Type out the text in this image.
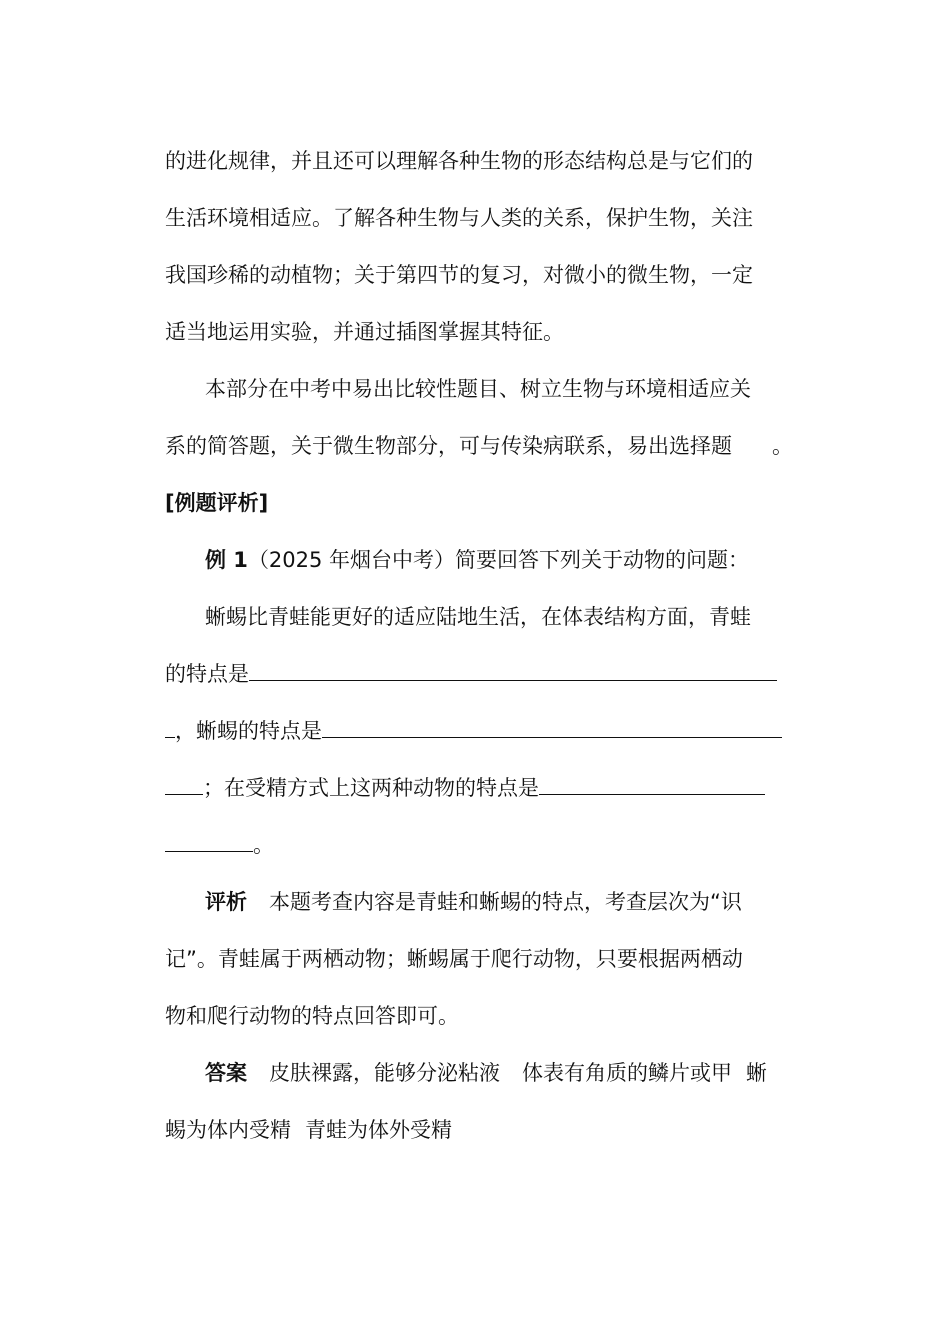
的进化规律，并且还可以理解各种生物的形态结构总是与它们的
生活环境相适应。了解各种生物与人类的关系，保护生物，关注
我国珍稀的动植物；关于第四节的复习，对微小的微生物，一定
适当地运用实验，并通过插图掌握其特征。
本部分在中考中易出比较性题目、树立生物与环境相适应关
系的简答题，关于微生物部分，可与传染病联系，易出选择题 。
[例题评析]
例 1（2025 年烟台中考）简要回答下列关于动物的问题：
蜥蜴比青蛙能更好的适应陆地生活，在体表结构方面，青蛙
的特点是
，蜥蜴的特点是
；在受精方式上这两种动物的特点是
。
评析 本题考查内容是青蛙和蜥蜴的特点，考查层次为“识
记”。青蛙属于两栖动物；蜥蜴属于爬行动物，只要根据两栖动
物和爬行动物的特点回答即可。
答案 皮肤裸露，能够分泌粘液 体表有角质的鳞片或甲 蜥
蜴为体内受精 青蛙为体外受精
